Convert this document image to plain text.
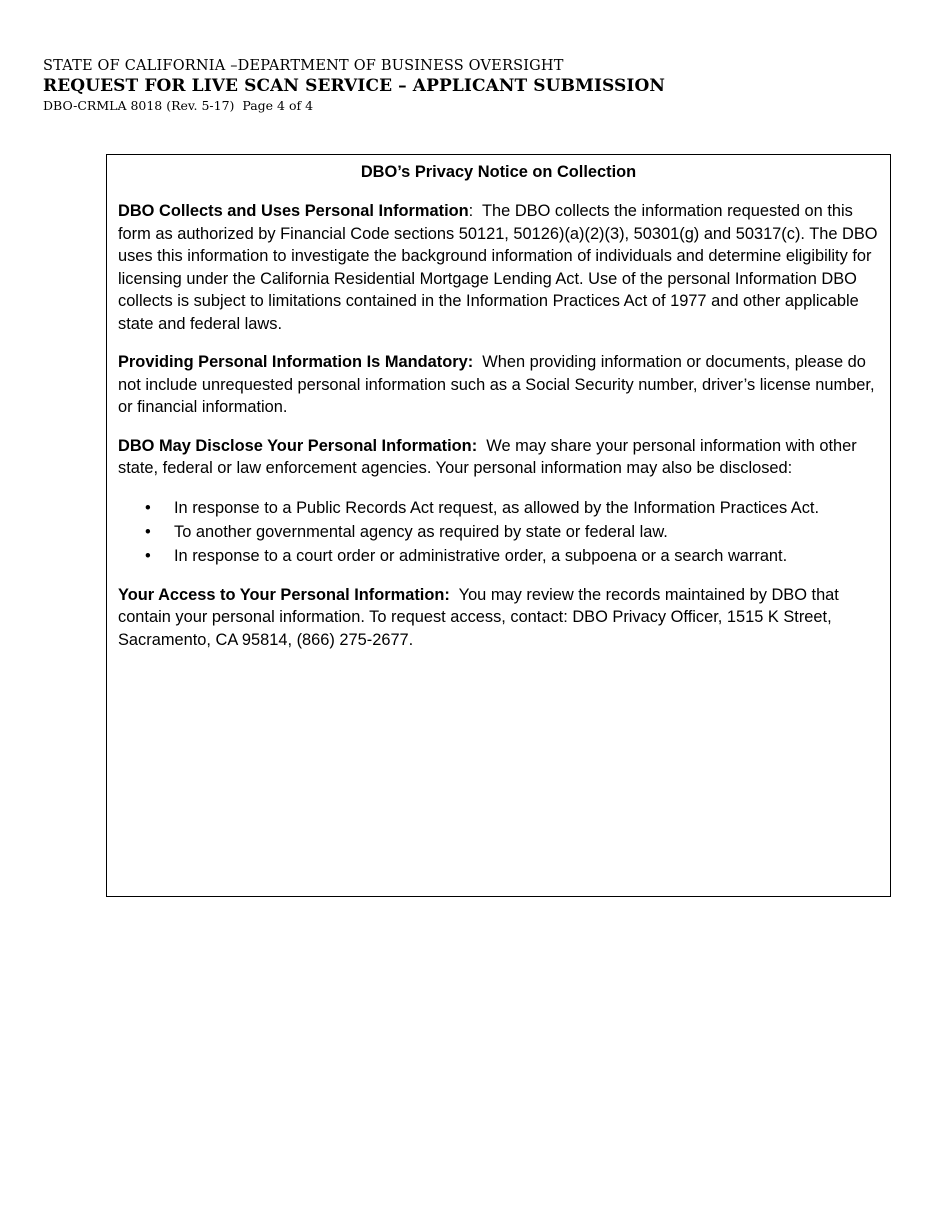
STATE OF CALIFORNIA –DEPARTMENT OF BUSINESS OVERSIGHT
REQUEST FOR LIVE SCAN SERVICE – APPLICANT SUBMISSION
DBO-CRMLA 8018 (Rev. 5-17)  Page 4 of 4
DBO’s Privacy Notice on Collection

DBO Collects and Uses Personal Information:  The DBO collects the information requested on this form as authorized by Financial Code sections 50121, 50126)(a)(2)(3), 50301(g) and 50317(c). The DBO uses this information to investigate the background information of individuals and determine eligibility for licensing under the California Residential Mortgage Lending Act. Use of the personal Information DBO collects is subject to limitations contained in the Information Practices Act of 1977 and other applicable state and federal laws.

Providing Personal Information Is Mandatory: When providing information or documents, please do not include unrequested personal information such as a Social Security number, driver’s license number, or financial information.

DBO May Disclose Your Personal Information: We may share your personal information with other state, federal or law enforcement agencies. Your personal information may also be disclosed:

• In response to a Public Records Act request, as allowed by the Information Practices Act.
• To another governmental agency as required by state or federal law.
• In response to a court order or administrative order, a subpoena or a search warrant.

Your Access to Your Personal Information: You may review the records maintained by DBO that contain your personal information. To request access, contact: DBO Privacy Officer, 1515 K Street, Sacramento, CA 95814, (866) 275-2677.
